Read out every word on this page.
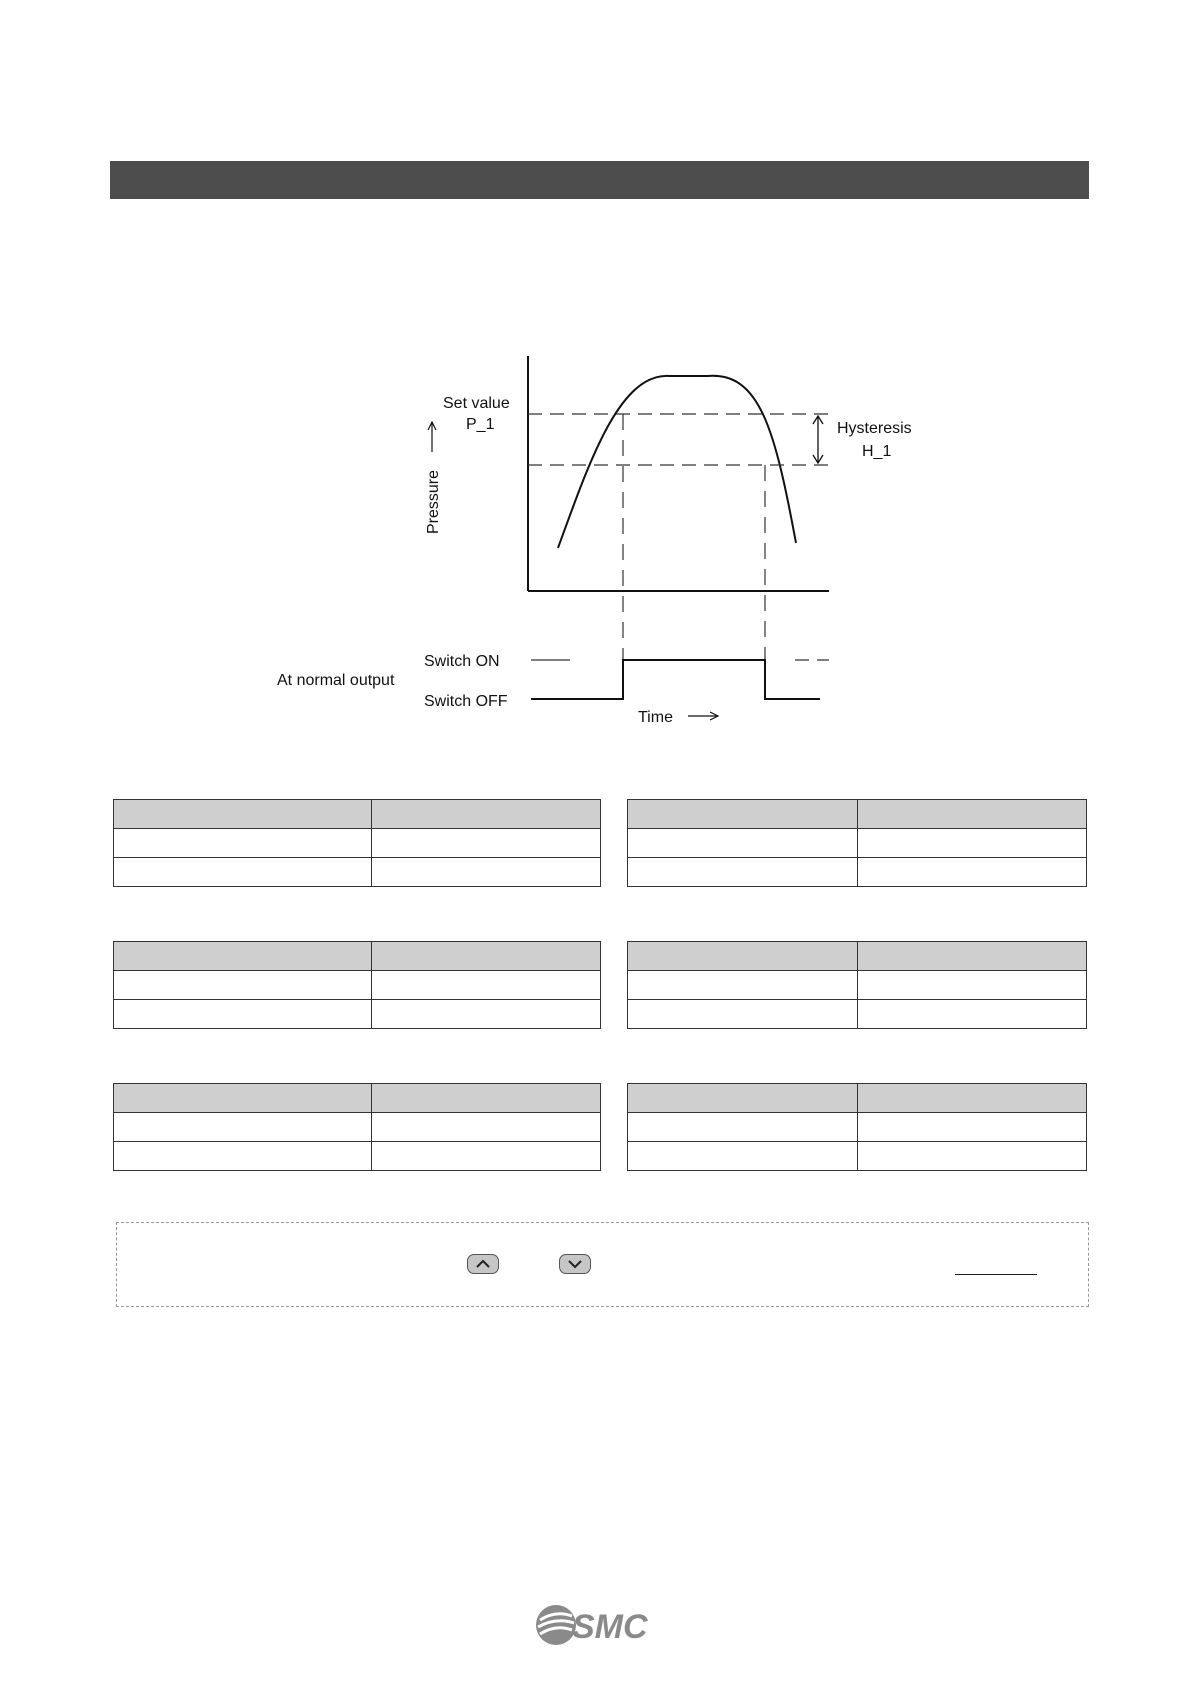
Set value
P_1	Hysteresis
H_1
Pressure
Switch ON
At normal output
Switch OFF
Time

SMC
